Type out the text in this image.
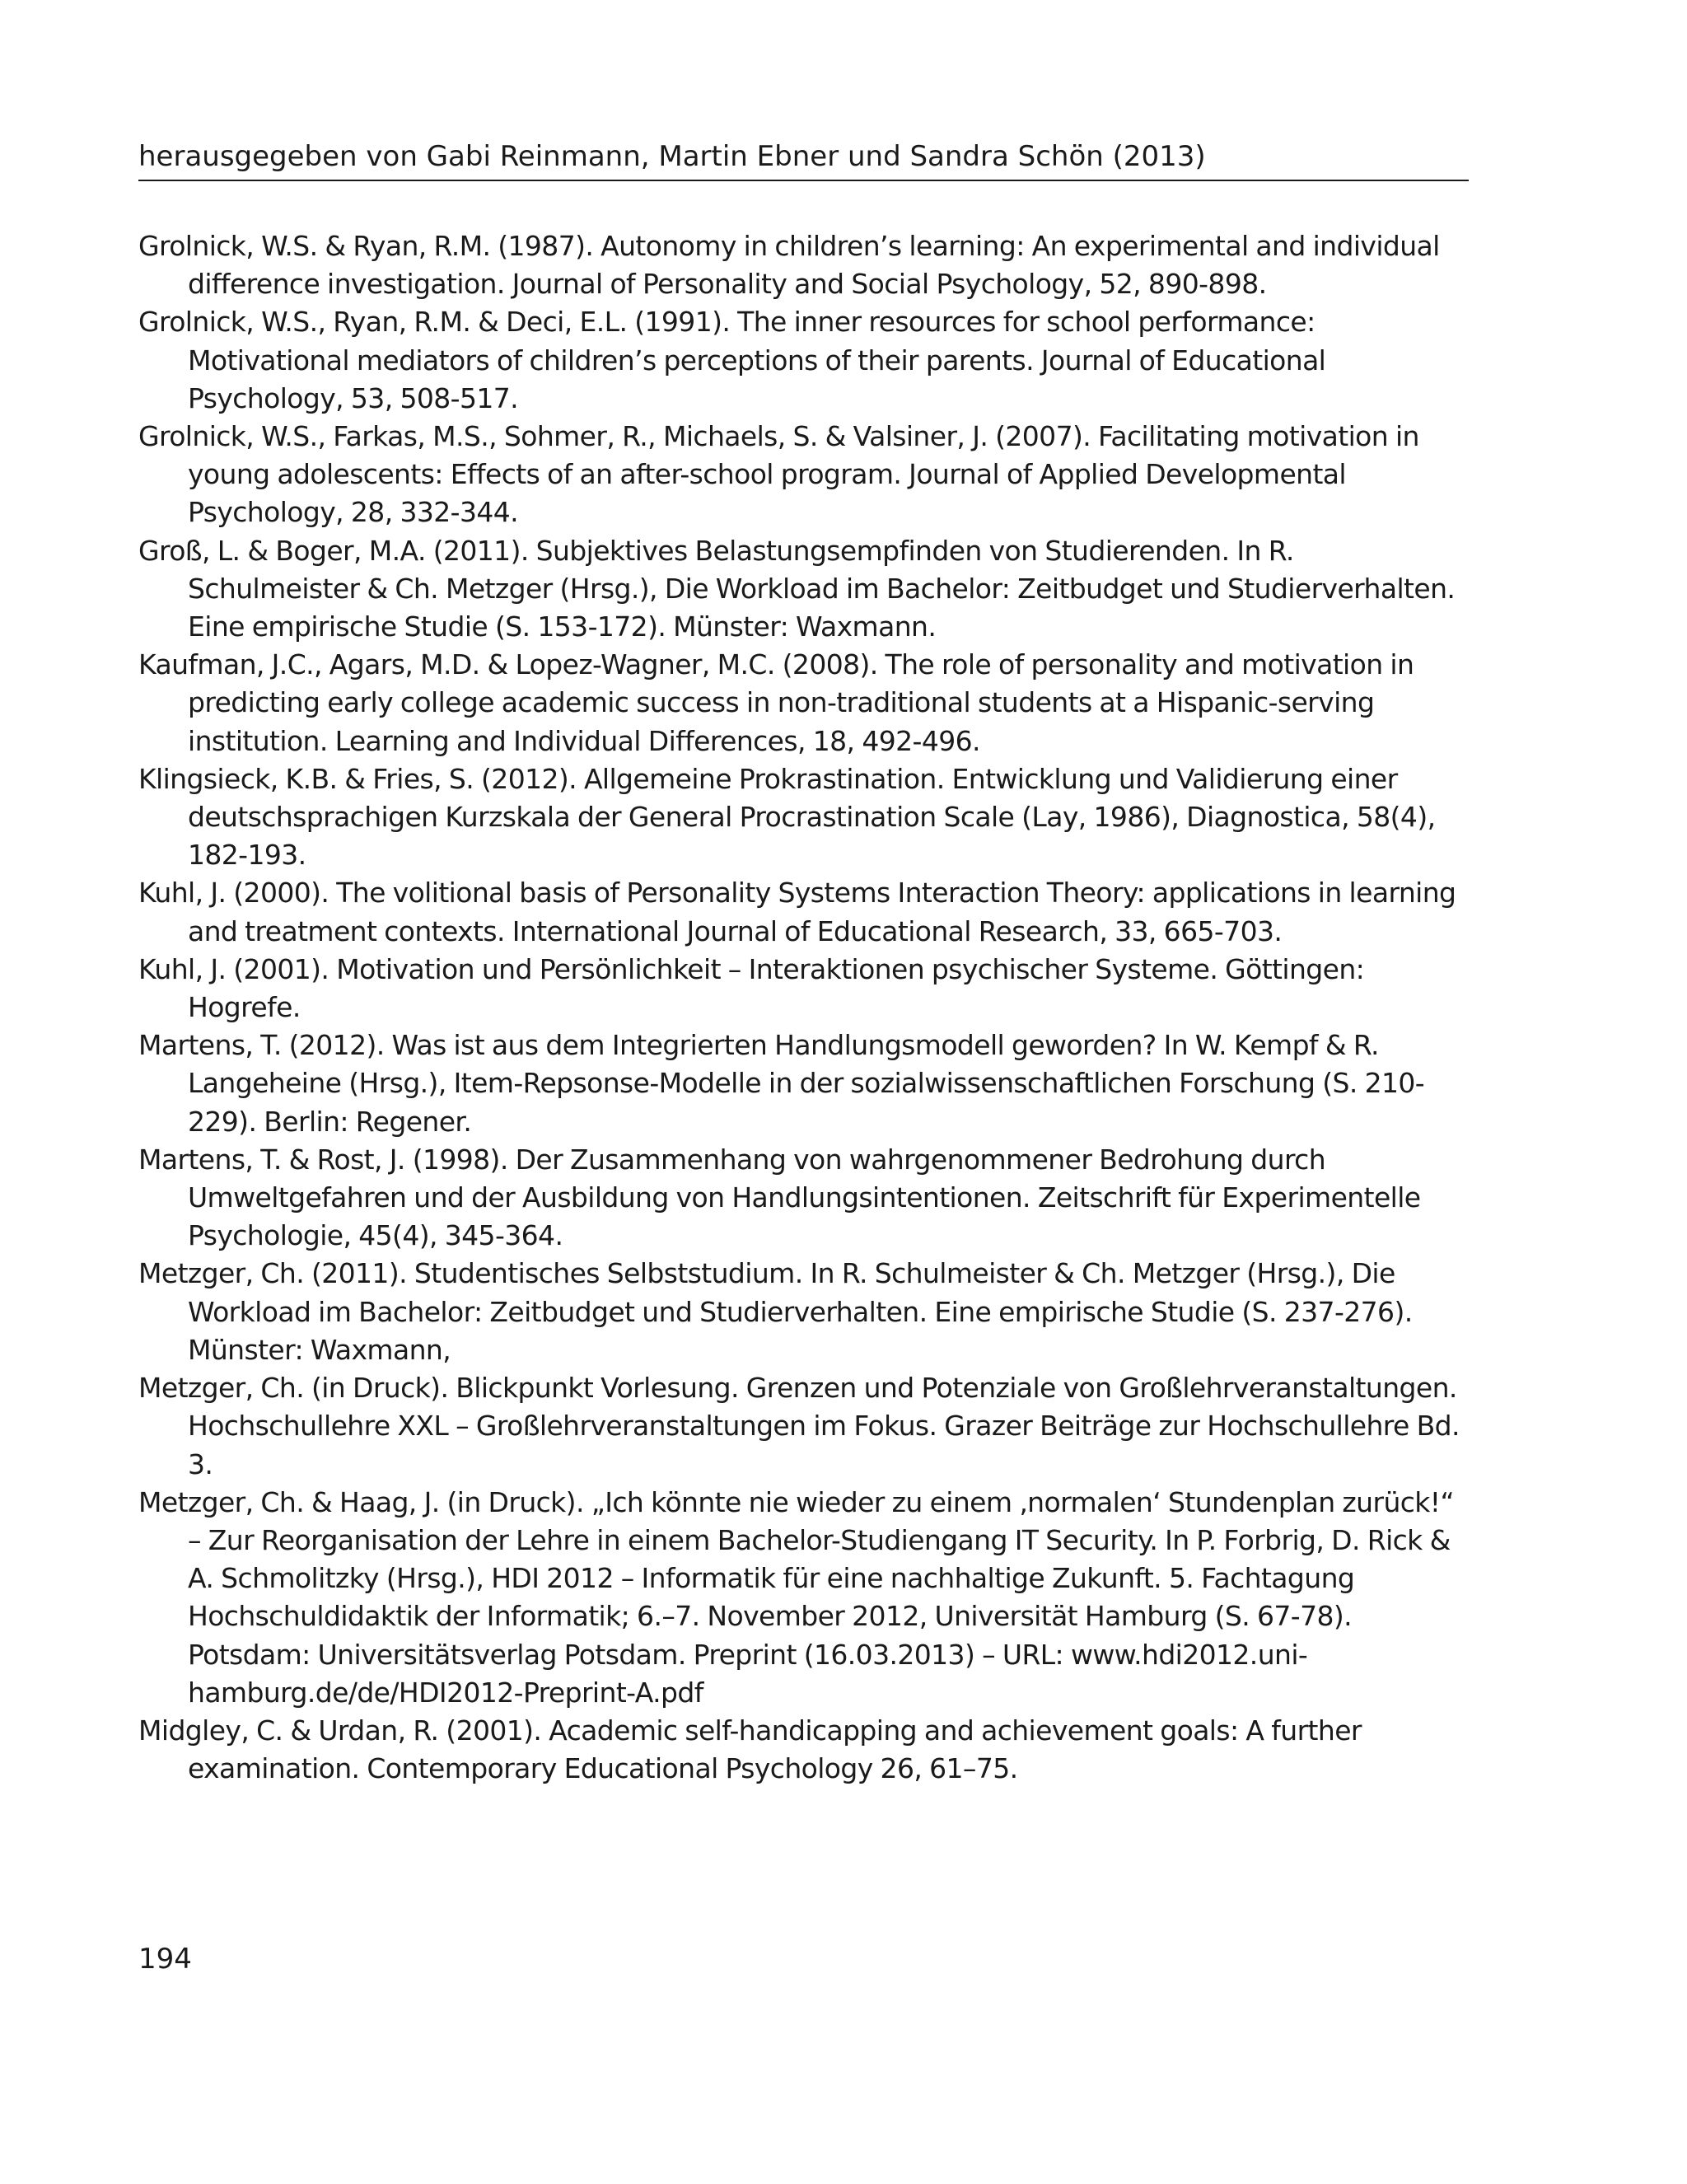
herausgegeben von Gabi Reinmann, Martin Ebner und Sandra Schön (2013)
Grolnick, W.S. & Ryan, R.M. (1987). Autonomy in children’s learning: An experimental and individual difference investigation. Journal of Personality and Social Psychology, 52, 890-898.
Grolnick, W.S., Ryan, R.M. & Deci, E.L. (1991). The inner resources for school performance: Motivational mediators of children’s perceptions of their parents. Journal of Educational Psychology, 53, 508-517.
Grolnick, W.S., Farkas, M.S., Sohmer, R., Michaels, S. & Valsiner, J. (2007). Facilitating motivation in young adolescents: Effects of an after-school program. Journal of Applied Developmental Psychology, 28, 332-344.
Groß, L. & Boger, M.A. (2011). Subjektives Belastungsempfinden von Studierenden. In R. Schulmeister & Ch. Metzger (Hrsg.), Die Workload im Bachelor: Zeitbudget und Studierverhalten. Eine empirische Studie (S. 153-172). Münster: Waxmann.
Kaufman, J.C., Agars, M.D. & Lopez-Wagner, M.C. (2008). The role of personality and motivation in predicting early college academic success in non-traditional students at a Hispanic-serving institution. Learning and Individual Differences, 18, 492-496.
Klingsieck, K.B. & Fries, S. (2012). Allgemeine Prokrastination. Entwicklung und Validierung einer deutschsprachigen Kurzskala der General Procrastination Scale (Lay, 1986), Diagnostica, 58(4), 182-193.
Kuhl, J. (2000). The volitional basis of Personality Systems Interaction Theory: applications in learning and treatment contexts. International Journal of Educational Research, 33, 665-703.
Kuhl, J. (2001). Motivation und Persönlichkeit – Interaktionen psychischer Systeme. Göttingen: Hogrefe.
Martens, T. (2012). Was ist aus dem Integrierten Handlungsmodell geworden? In W. Kempf & R. Langeheine (Hrsg.), Item-Repsonse-Modelle in der sozialwissenschaftlichen Forschung (S. 210-229). Berlin: Regener.
Martens, T. & Rost, J. (1998). Der Zusammenhang von wahrgenommener Bedrohung durch Umweltgefahren und der Ausbildung von Handlungsintentionen. Zeitschrift für Experimentelle Psychologie, 45(4), 345-364.
Metzger, Ch. (2011). Studentisches Selbststudium. In R. Schulmeister & Ch. Metzger (Hrsg.), Die Workload im Bachelor: Zeitbudget und Studierverhalten. Eine empirische Studie (S. 237-276). Münster: Waxmann,
Metzger, Ch. (in Druck). Blickpunkt Vorlesung. Grenzen und Potenziale von Großlehrveranstaltungen. Hochschullehre XXL – Großlehrveranstaltungen im Fokus. Grazer Beiträge zur Hochschullehre Bd. 3.
Metzger, Ch. & Haag, J. (in Druck). „Ich könnte nie wieder zu einem ‚normalen‘ Stundenplan zurück!“ – Zur Reorganisation der Lehre in einem Bachelor-Studiengang IT Security. In P. Forbrig, D. Rick & A. Schmolitzky (Hrsg.), HDI 2012 – Informatik für eine nachhaltige Zukunft. 5. Fachtagung Hochschuldidaktik der Informatik; 6.–7. November 2012, Universität Hamburg (S. 67-78). Potsdam: Universitätsverlag Potsdam. Preprint (16.03.2013) – URL: www.hdi2012.uni-hamburg.de/de/HDI2012-Preprint-A.pdf
Midgley, C. & Urdan, R. (2001). Academic self-handicapping and achievement goals: A further examination. Contemporary Educational Psychology 26, 61–75.
194
